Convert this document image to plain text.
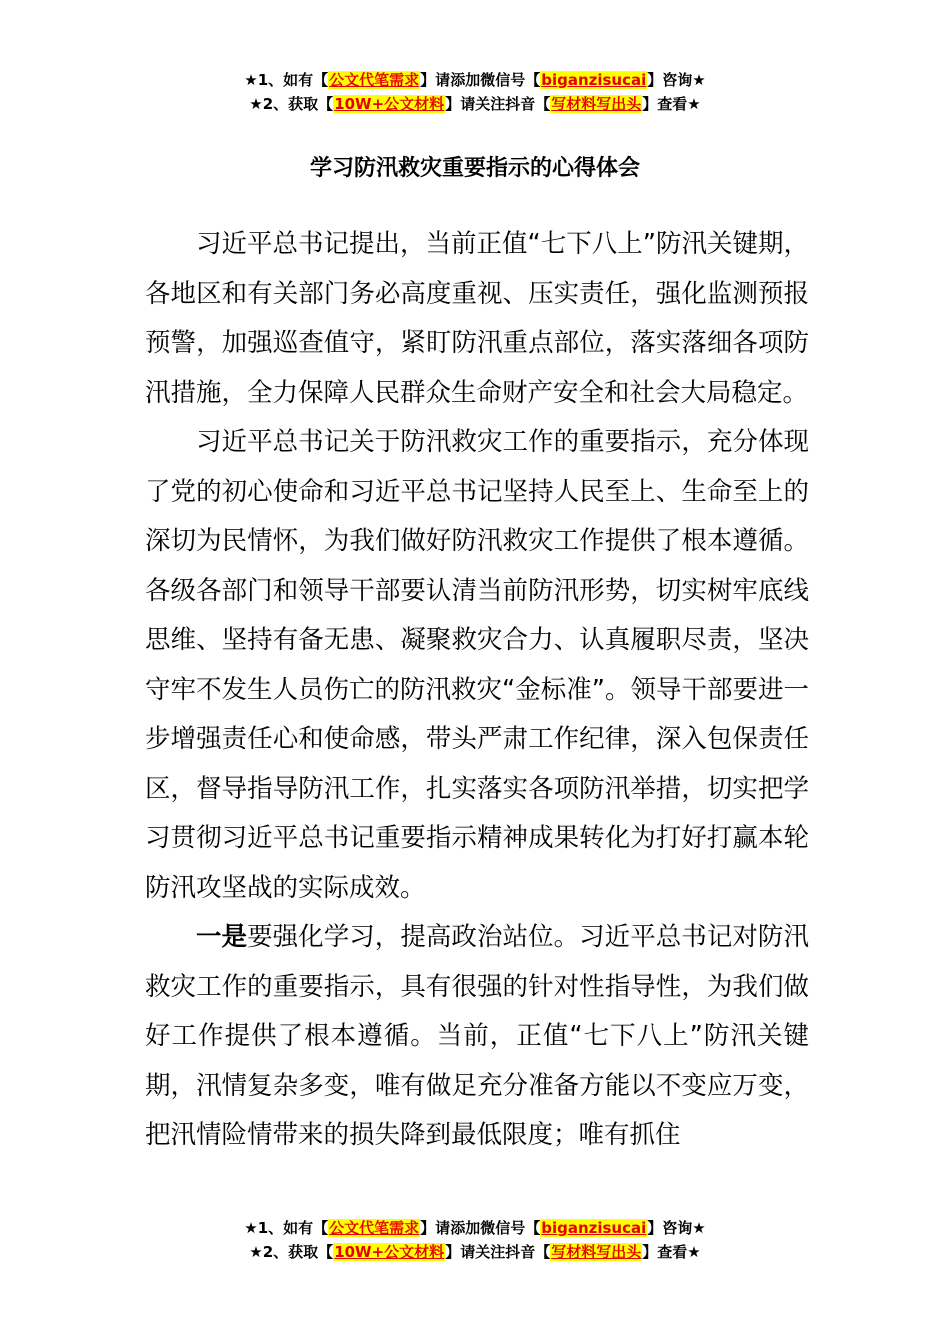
★1、如有【公文代笔需求】请添加微信号【biganzisucai】咨询★
★2、获取【10W+公文材料】请关注抖音【写材料写出头】查看★
学习防汛救灾重要指示的心得体会

习近平总书记提出，当前正值“七下八上”防汛关键期，各地区和有关部门务必高度重视、压实责任，强化监测预报预警，加强巡查值守，紧盯防汛重点部位，落实落细各项防汛措施，全力保障人民群众生命财产安全和社会大局稳定。

习近平总书记关于防汛救灾工作的重要指示，充分体现了党的初心使命和习近平总书记坚持人民至上、生命至上的深切为民情怀，为我们做好防汛救灾工作提供了根本遵循。各级各部门和领导干部要认清当前防汛形势，切实树牢底线思维、坚持有备无患、凝聚救灾合力、认真履职尽责，坚决守牢不发生人员伤亡的防汛救灾“金标准”。领导干部要进一步增强责任心和使命感，带头严肃工作纪律，深入包保责任区，督导指导防汛工作，扎实落实各项防汛举措，切实把学习贯彻习近平总书记重要指示精神成果转化为打好打赢本轮防汛攻坚战的实际成效。

一是要强化学习，提高政治站位。习近平总书记对防汛救灾工作的重要指示，具有很强的针对性指导性，为我们做好工作提供了根本遵循。当前，正值“七下八上”防汛关键期，汛情复杂多变，唯有做足充分准备方能以不变应万变，把汛情险情带来的损失降到最低限度；唯有抓住

★1、如有【公文代笔需求】请添加微信号【biganzisucai】咨询★
★2、获取【10W+公文材料】请关注抖音【写材料写出头】查看★
